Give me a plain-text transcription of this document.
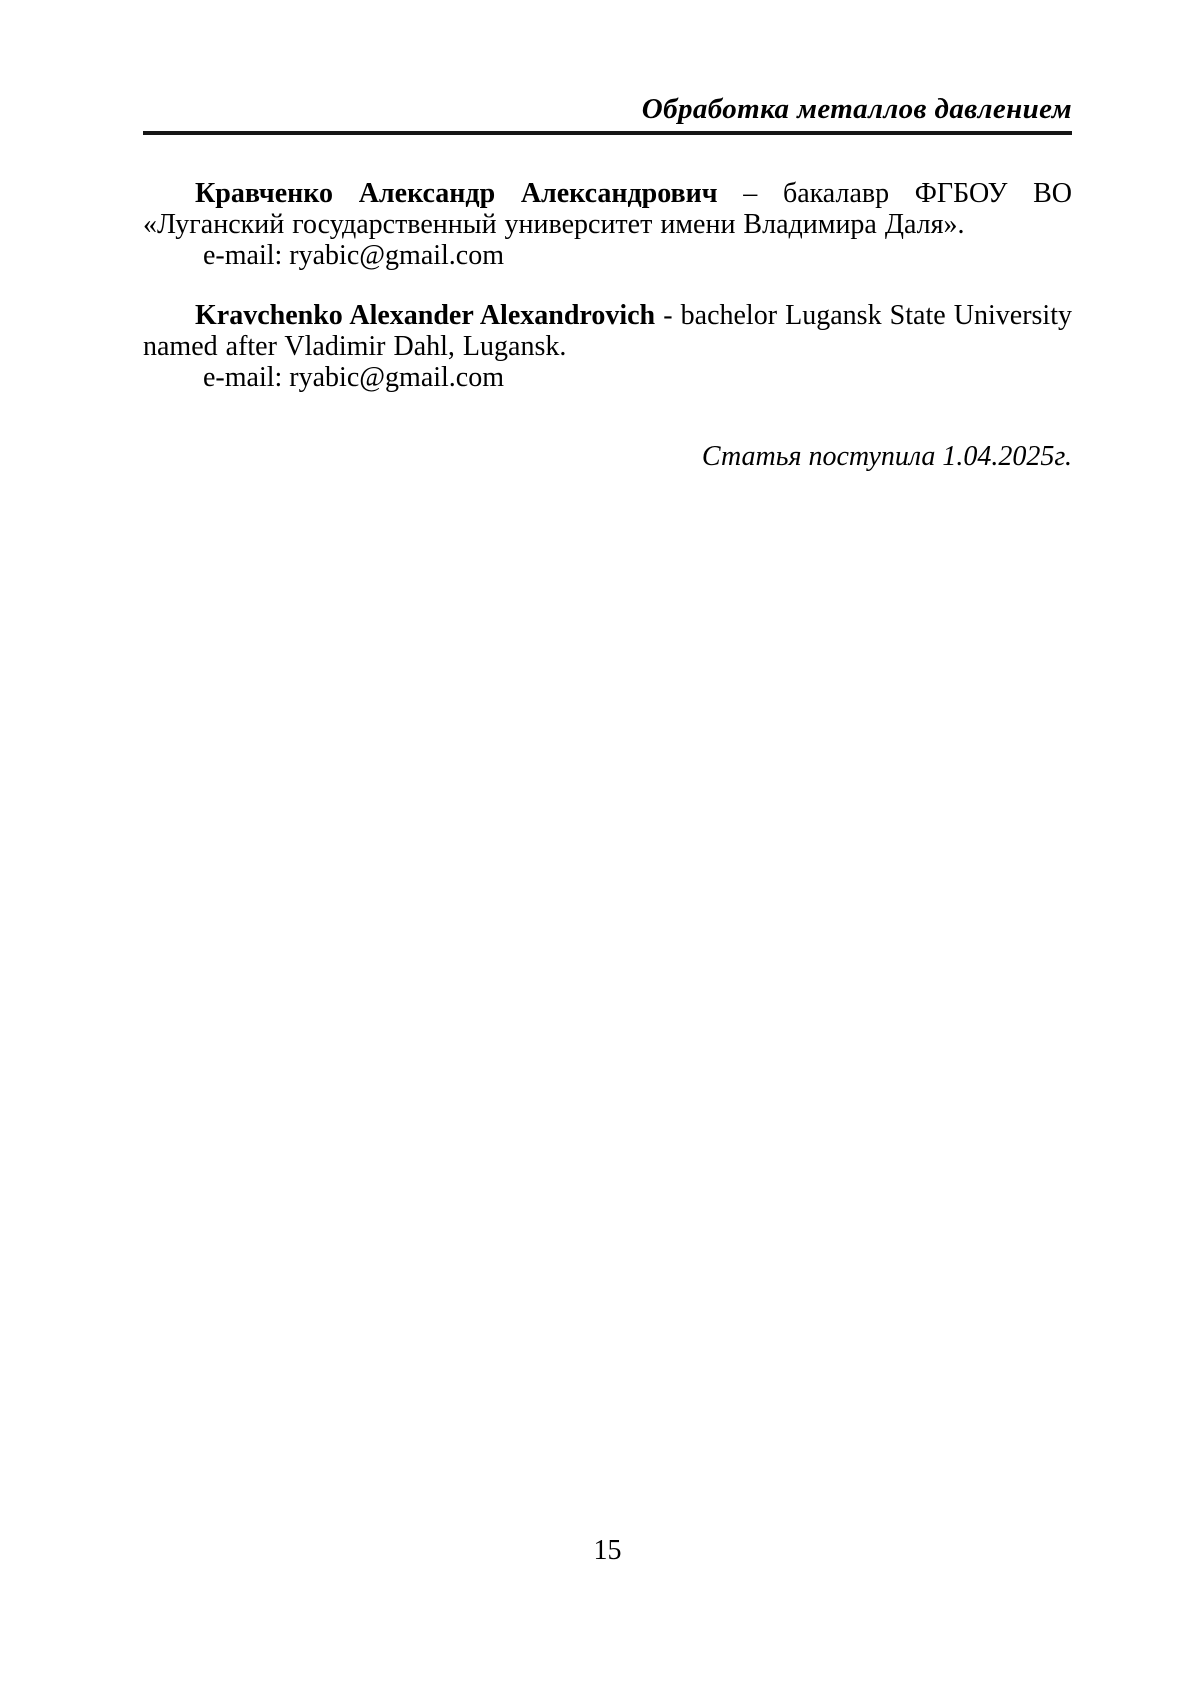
Обработка металлов давлением

Кравченко Александр Александрович – бакалавр ФГБОУ ВО «Луганский государственный университет имени Владимира Даля».

e-mail: ryabic@gmail.com

Kravchenko Alexander Alexandrovich - bachelor Lugansk State University named after Vladimir Dahl, Lugansk.

e-mail: ryabic@gmail.com

Статья поступила 1.04.2025г.

15
